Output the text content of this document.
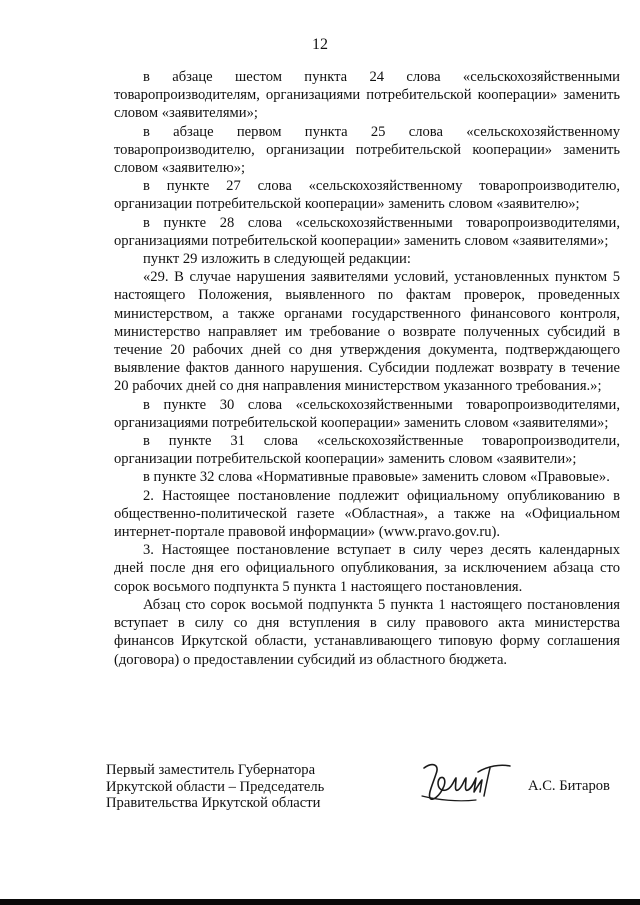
12

в абзаце шестом пункта 24 слова «сельскохозяйственными товаропроизводителям, организациями потребительской кооперации» заменить словом «заявителями»;

в абзаце первом пункта 25 слова «сельскохозяйственному товаропроизводителю, организации потребительской кооперации» заменить словом «заявителю»;

в пункте 27 слова «сельскохозяйственному товаропроизводителю, организации потребительской кооперации» заменить словом «заявителю»;

в пункте 28 слова «сельскохозяйственными товаропроизводителями, организациями потребительской кооперации» заменить словом «заявителями»;

пункт 29 изложить в следующей редакции:

«29. В случае нарушения заявителями условий, установленных пунктом 5 настоящего Положения, выявленного по фактам проверок, проведенных министерством, а также органами государственного финансового контроля, министерство направляет им требование о возврате полученных субсидий в течение 20 рабочих дней со дня утверждения документа, подтверждающего выявление фактов данного нарушения. Субсидии подлежат возврату в течение 20 рабочих дней со дня направления министерством указанного требования.»;

в пункте 30 слова «сельскохозяйственными товаропроизводителями, организациями потребительской кооперации» заменить словом «заявителями»;

в пункте 31 слова «сельскохозяйственные товаропроизводители, организации потребительской кооперации» заменить словом «заявители»;

в пункте 32 слова «Нормативные правовые» заменить словом «Правовые».

2. Настоящее постановление подлежит официальному опубликованию в общественно-политической газете «Областная», а также на «Официальном интернет-портале правовой информации» (www.pravo.gov.ru).

3. Настоящее постановление вступает в силу через десять календарных дней после дня его официального опубликования, за исключением абзаца сто сорок восьмого подпункта 5 пункта 1 настоящего постановления.

Абзац сто сорок восьмой подпункта 5 пункта 1 настоящего постановления вступает в силу со дня вступления в силу правового акта министерства финансов Иркутской области, устанавливающего типовую форму соглашения (договора) о предоставлении субсидий из областного бюджета.

Первый заместитель Губернатора
Иркутской области – Председатель
Правительства Иркутской области
А.С. Битаров
